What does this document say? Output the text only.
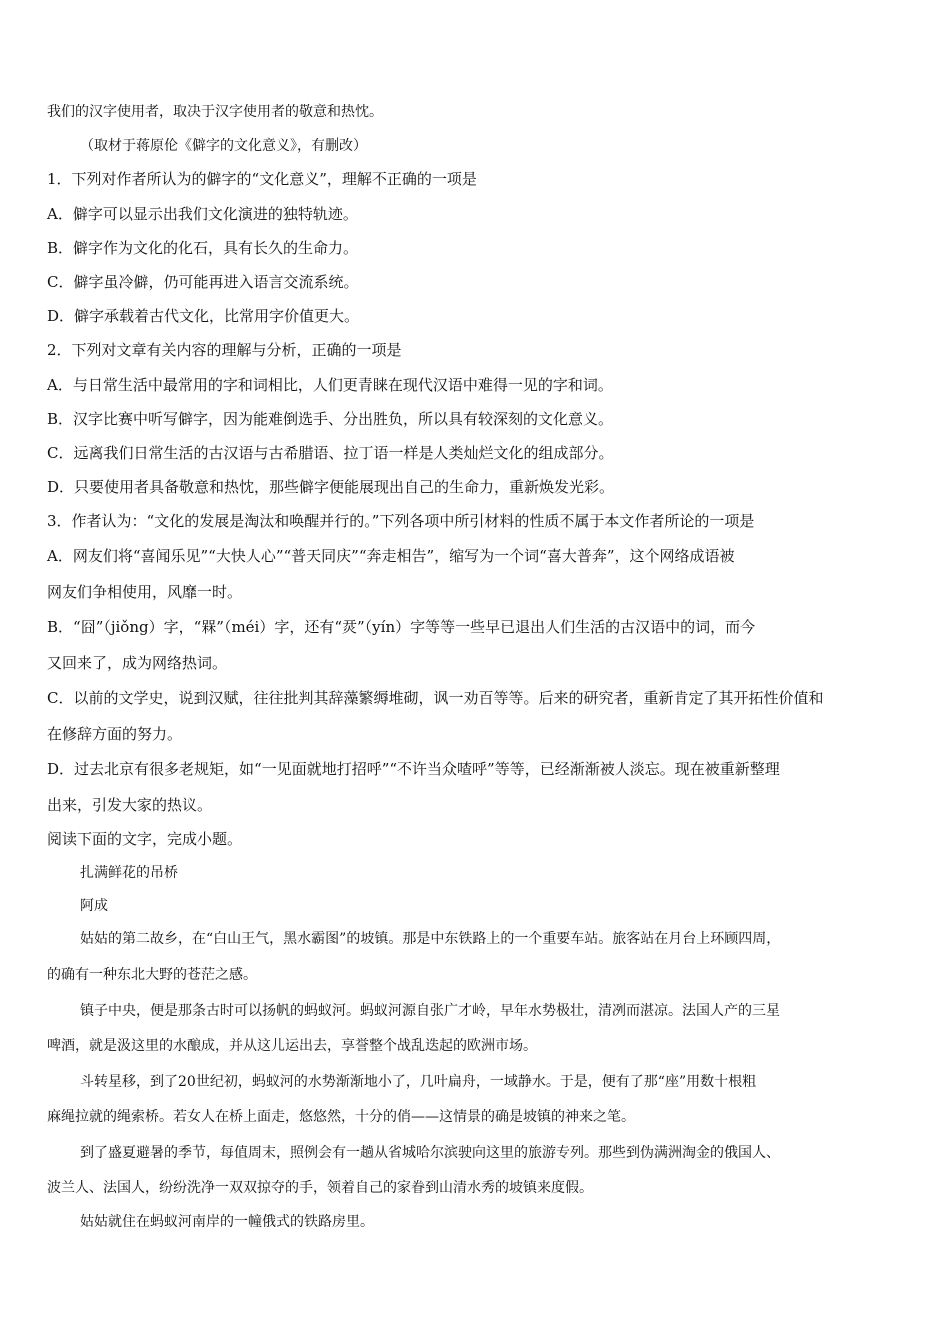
我们的汉字使用者，取决于汉字使用者的敬意和热忱。
（取材于蒋原伦《僻字的文化意义》，有删改）
1．下列对作者所认为的僻字的“文化意义”，理解不正确的一项是
A．僻字可以显示出我们文化演进的独特轨迹。
B．僻字作为文化的化石，具有长久的生命力。
C．僻字虽冷僻，仍可能再进入语言交流系统。
D．僻字承载着古代文化，比常用字价值更大。
2．下列对文章有关内容的理解与分析，正确的一项是
A．与日常生活中最常用的字和词相比，人们更青睐在现代汉语中难得一见的字和词。
B．汉字比赛中听写僻字，因为能难倒选手、分出胜负，所以具有较深刻的文化意义。
C．远离我们日常生活的古汉语与古希腊语、拉丁语一样是人类灿烂文化的组成部分。
D．只要使用者具备敬意和热忱，那些僻字便能展现出自己的生命力，重新焕发光彩。
3．作者认为：“文化的发展是淘汰和唤醒并行的。”下列各项中所引材料的性质不属于本文作者所论的一项是
A．网友们将“喜闻乐见”“大快人心”“普天同庆”“奔走相告”，缩写为一个词“喜大普奔”，这个网络成语被
网友们争相使用，风靡一时。
B．“囧”（jiǒng）字，“槑”（méi）字，还有“烎”（yín）字等等一些早已退出人们生活的古汉语中的词，而今
又回来了，成为网络热词。
C．以前的文学史，说到汉赋，往往批判其辞藻繁缛堆砌，讽一劝百等等。后来的研究者，重新肯定了其开拓性价值和
在修辞方面的努力。
D．过去北京有很多老规矩，如“一见面就地打招呼”“不许当众喳呼”等等，已经渐渐被人淡忘。现在被重新整理
出来，引发大家的热议。
阅读下面的文字，完成小题。
扎满鲜花的吊桥
阿成
姑姑的第二故乡，在“白山王气，黑水霸图”的坡镇。那是中东铁路上的一个重要车站。旅客站在月台上环顾四周，
的确有一种东北大野的苍茫之感。
镇子中央，便是那条古时可以扬帆的蚂蚁河。蚂蚁河源自张广才岭，早年水势极壮，清冽而湛凉。法国人产的三星
啤酒，就是汲这里的水酿成，并从这儿运出去，享誉整个战乱迭起的欧洲市场。
斗转星移，到了20世纪初，蚂蚁河的水势渐渐地小了，几叶扁舟，一域静水。于是，便有了那“座”用数十根粗
麻绳拉就的绳索桥。若女人在桥上面走，悠悠然，十分的俏——这情景的确是坡镇的神来之笔。
到了盛夏避暑的季节，每值周末，照例会有一趟从省城哈尔滨驶向这里的旅游专列。那些到伪满洲淘金的俄国人、
波兰人、法国人，纷纷洗净一双双掠夺的手，领着自己的家眷到山清水秀的坡镇来度假。
姑姑就住在蚂蚁河南岸的一幢俄式的铁路房里。
